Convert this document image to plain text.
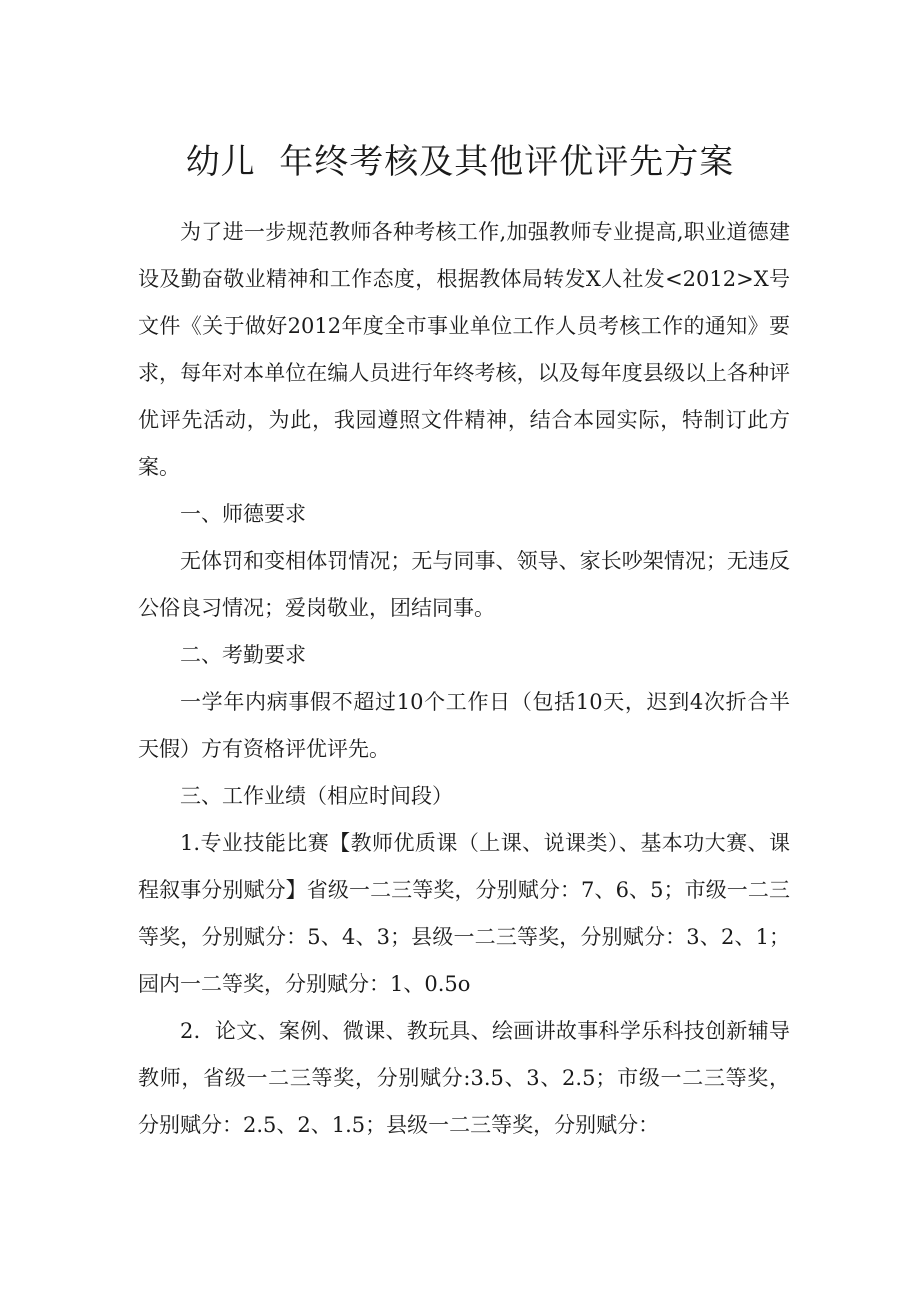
幼儿  年终考核及其他评优评先方案

为了进一步规范教师各种考核工作,加强教师专业提高,职业道德建设及勤奋敬业精神和工作态度，根据教体局转发X人社发<2012>X号文件《关于做好2012年度全市事业单位工作人员考核工作的通知》要求，每年对本单位在编人员进行年终考核，以及每年度县级以上各种评优评先活动，为此，我园遵照文件精神，结合本园实际，特制订此方案。

一、师德要求

无体罚和变相体罚情况；无与同事、领导、家长吵架情况；无违反公俗良习情况；爱岗敬业，团结同事。

二、考勤要求

一学年内病事假不超过10个工作日（包括10天，迟到4次折合半天假）方有资格评优评先。

三、工作业绩（相应时间段）

1.专业技能比赛【教师优质课（上课、说课类）、基本功大赛、课程叙事分别赋分】省级一二三等奖，分别赋分：7、6、5；市级一二三等奖，分别赋分：5、4、3；县级一二三等奖，分别赋分：3、2、1；园内一二等奖，分别赋分：1、0.5o

2．论文、案例、微课、教玩具、绘画讲故事科学乐科技创新辅导教师，省级一二三等奖，分别赋分:3.5、3、2.5；市级一二三等奖，分别赋分：2.5、2、1.5；县级一二三等奖，分别赋分：
